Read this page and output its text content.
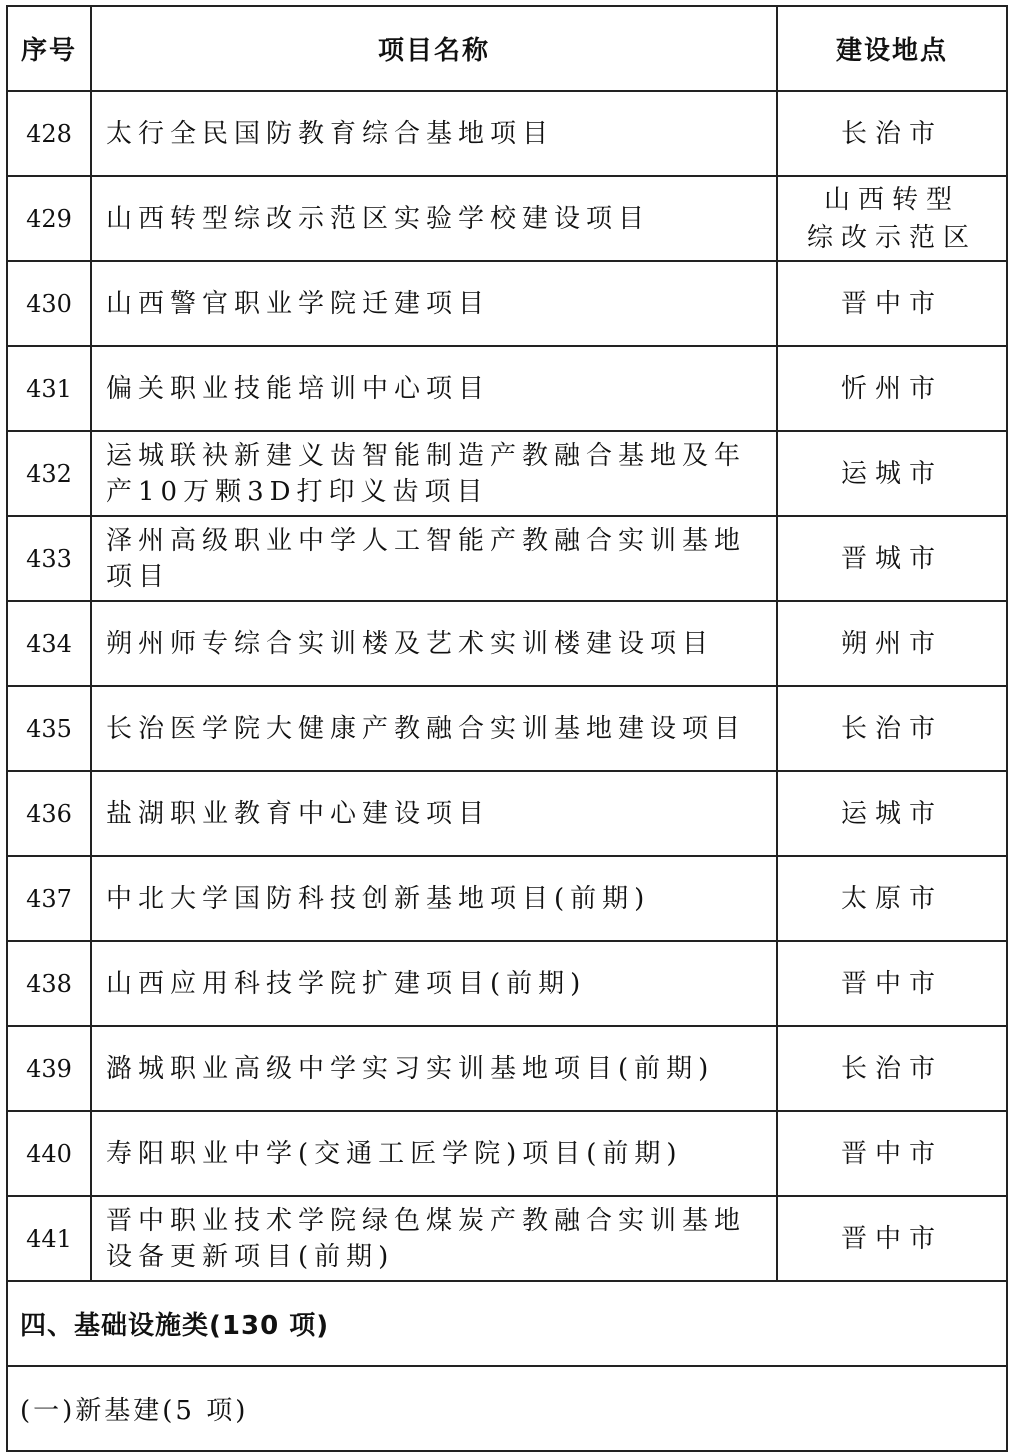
序号	项目名称	建设地点
428	太行全民国防教育综合基地项目	长治市
429	山西转型综改示范区实验学校建设项目	山西转型
综改示范区
430	山西警官职业学院迁建项目	晋中市
431	偏关职业技能培训中心项目	忻州市
432	运城联袂新建义齿智能制造产教融合基地及年产10万颗3D打印义齿项目	运城市
433	泽州高级职业中学人工智能产教融合实训基地项目	晋城市
434	朔州师专综合实训楼及艺术实训楼建设项目	朔州市
435	长治医学院大健康产教融合实训基地建设项目	长治市
436	盐湖职业教育中心建设项目	运城市
437	中北大学国防科技创新基地项目(前期)	太原市
438	山西应用科技学院扩建项目(前期)	晋中市
439	潞城职业高级中学实习实训基地项目(前期)	长治市
440	寿阳职业中学(交通工匠学院)项目(前期)	晋中市
441	晋中职业技术学院绿色煤炭产教融合实训基地设备更新项目(前期)	晋中市
四、基础设施类(130 项)		
(一)新基建(5 项)		
